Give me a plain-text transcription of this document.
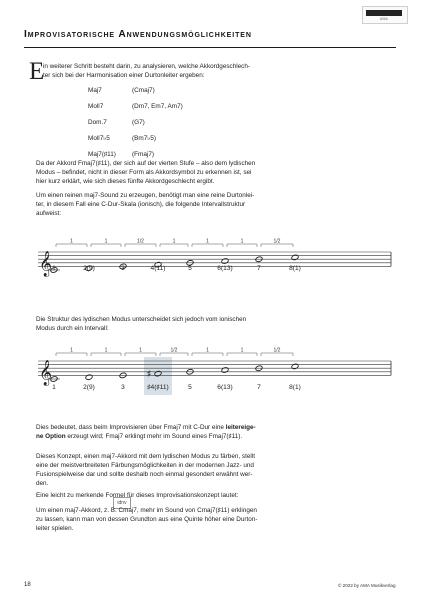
AMA
Improvisatorische Anwendungsmöglichkeiten
E
in weiterer Schritt besteht darin, zu analysieren, welche Akkordgeschlech-
ter sich bei der Harmonisation einer Durtonleiter ergeben:
Maj7	(Cmaj7)
Moll7	(Dm7, Em7, Am7)
Dom.7	(G7)
Moll7♭5	(Bm7♭5)
Maj7(♯11)	(Fmaj7)
Da der Akkord Fmaj7(♯11), der sich auf der vierten Stufe – also dem lydischen
Modus – befindet, nicht in dieser Form als Akkordsymbol zu erkennen ist, sei
hier kurz erklärt, wie sich dieses fünfte Akkordgeschlecht ergibt.
Um einen reinen maj7-Sound zu erzeugen, benötigt man eine reine Durtonlei-
ter, in diesem Fall eine C-Dur-Skala (ionisch), die folgende Intervallstruktur
aufweist:
𝄞
1	1	1/2	1	1	1	1/2
1	2(9)	3	4(11)	5	6(13)	7	8(1)
Die Struktur des lydischen Modus unterscheidet sich jedoch vom ionischen
Modus durch ein Intervall:
𝄞	♯
1	1	1	1/2	1	1	1/2
1	2(9)	3	♯4(♯11)	5	6(13)	7	8(1)
Dies bedeutet, dass beim Improvisieren über Fmaj7 mit C-Dur eine leitereige-
ne Option erzeugt wird; Fmaj7 erklingt mehr im Sound eines Fmaj7(♯11).
Dieses Konzept, einen maj7-Akkord mit dem lydischen Modus zu färben, stellt
eine der meistverbreiteten Färbungsmöglichkeiten in der modernen Jazz- und
Fusionspielweise dar und sollte deshalb noch einmal gesondert erwähnt wer-
den.
idnv
Eine leicht zu merkende Formel für dieses Improvisationskonzept lautet:
Um einen maj7-Akkord, z. B. Cmaj7, mehr im Sound von Cmaj7(♯11) erklingen
zu lassen, kann man von dessen Grundton aus eine Quinte höher eine Durton-
leiter spielen.
18	© 2022 by AMA Musikverlag
